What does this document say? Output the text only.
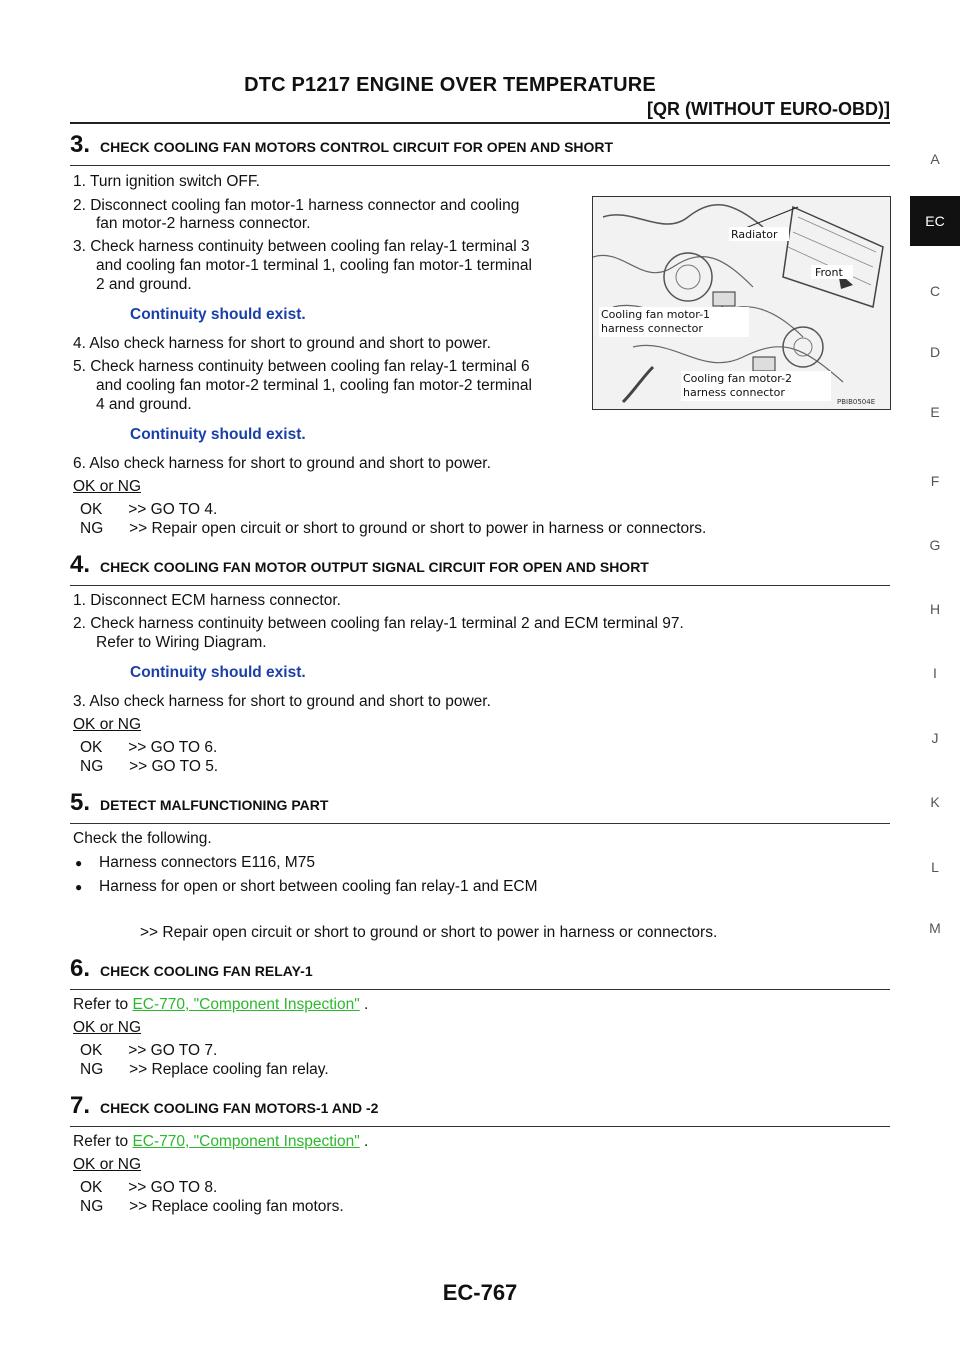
DTC P1217 ENGINE OVER TEMPERATURE
[QR (WITHOUT EURO-OBD)]
A
EC
C
D
E
F
G
H
I
J
K
L
M
3. CHECK COOLING FAN MOTORS CONTROL CIRCUIT FOR OPEN AND SHORT
1. Turn ignition switch OFF.
2. Disconnect cooling fan motor-1 harness connector and cooling
fan motor-2 harness connector.
3. Check harness continuity between cooling fan relay-1 terminal 3
and cooling fan motor-1 terminal 1, cooling fan motor-1 terminal
2 and ground.
Continuity should exist.
4. Also check harness for short to ground and short to power.
5. Check harness continuity between cooling fan relay-1 terminal 6
and cooling fan motor-2 terminal 1, cooling fan motor-2 terminal
4 and ground.
Continuity should exist.
6. Also check harness for short to ground and short to power.
OK or NG
OK      >> GO TO 4.
NG      >> Repair open circuit or short to ground or short to power in harness or connectors.
Radiator
Front
Cooling fan motor-1
harness connector
Cooling fan motor-2
harness connector
PBIB0504E
4. CHECK COOLING FAN MOTOR OUTPUT SIGNAL CIRCUIT FOR OPEN AND SHORT
1. Disconnect ECM harness connector.
2. Check harness continuity between cooling fan relay-1 terminal 2 and ECM terminal 97.
Refer to Wiring Diagram.
Continuity should exist.
3. Also check harness for short to ground and short to power.
OK or NG
OK      >> GO TO 6.
NG      >> GO TO 5.
5. DETECT MALFUNCTIONING PART
Check the following.
●	Harness connectors E116, M75
●	Harness for open or short between cooling fan relay-1 and ECM
>> Repair open circuit or short to ground or short to power in harness or connectors.
6. CHECK COOLING FAN RELAY-1
Refer to EC-770, "Component Inspection" .
OK or NG
OK      >> GO TO 7.
NG      >> Replace cooling fan relay.
7. CHECK COOLING FAN MOTORS-1 AND -2
Refer to EC-770, "Component Inspection" .
OK or NG
OK      >> GO TO 8.
NG      >> Replace cooling fan motors.
EC-767
